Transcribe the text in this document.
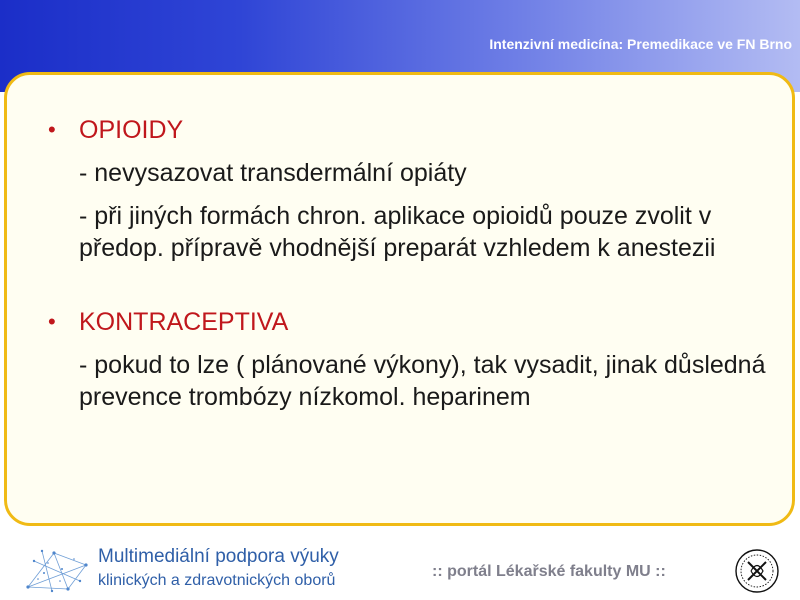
Intenzivní medicína: Premedikace ve FN Brno
• OPIOIDY
- nevysazovat transdermální opiáty
- při jiných formách chron. aplikace opioidů pouze zvolit v předop. přípravě vhodnější preparát vzhledem k anestezii
• KONTRACEPTIVA
- pokud to lze ( plánované výkony), tak vysadit, jinak důsledná prevence trombózy nízkomol. heparinem
Multimediální podpora výuky
klinických a zdravotnických oborů
:: portál Lékařské fakulty MU ::
